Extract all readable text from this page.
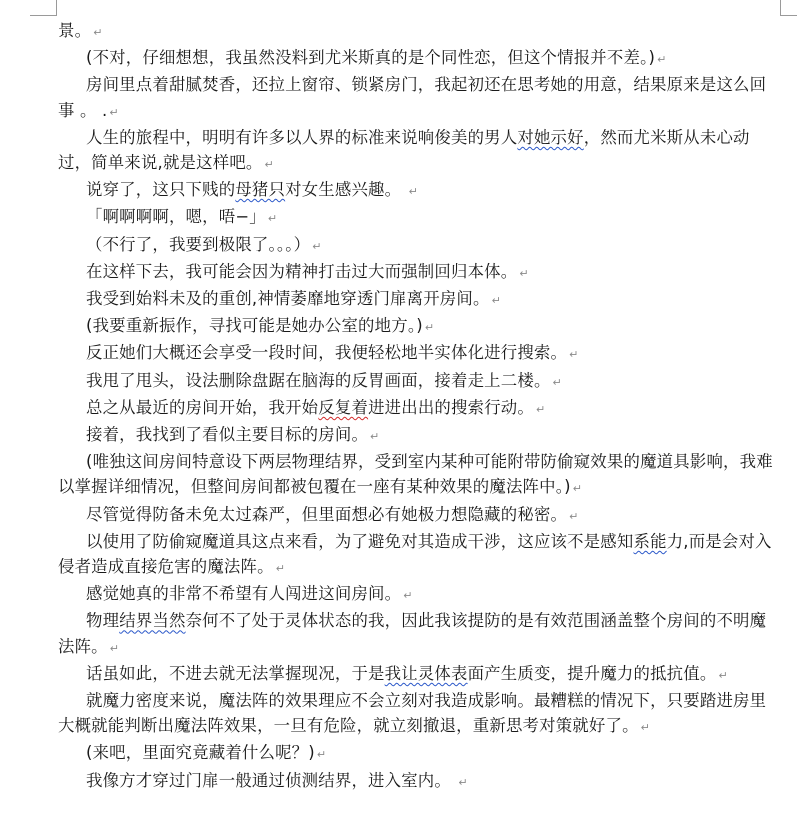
景。 ↵

(不对，仔细想想，我虽然没料到尤米斯真的是个同性恋，但这个情报并不差。) ↵

房间里点着甜腻焚香，还拉上窗帘、锁紧房门，我起初还在思考她的用意，结果原来是这么回事 。 . ↵

人生的旅程中，明明有许多以人界的标准来说响俊美的男人对她示好，然而尤米斯从未心动过，简单来说,就是这样吧。 ↵

说穿了，这只下贱的母猪只对女生感兴趣。 ↵

「啊啊啊啊，嗯，唔−」 ↵

（不行了，我要到极限了。。。） ↵

在这样下去，我可能会因为精神打击过大而强制回归本体。 ↵

我受到始料未及的重创,神情萎靡地穿透门扉离开房间。 ↵

(我要重新振作，寻找可能是她办公室的地方。) ↵

反正她们大概还会享受一段时间，我便轻松地半实体化进行搜索。 ↵

我甩了甩头，设法删除盘踞在脑海的反胃画面，接着走上二楼。 ↵

总之从最近的房间开始，我开始反复着进进出出的搜索行动。 ↵

接着，我找到了看似主要目标的房间。 ↵

(唯独这间房间特意设下两层物理结界，受到室内某种可能附带防偷窥效果的魔道具影响，我难以掌握详细情况，但整间房间都被包覆在一座有某种效果的魔法阵中。) ↵

尽管觉得防备未免太过森严，但里面想必有她极力想隐藏的秘密。 ↵

以使用了防偷窥魔道具这点来看，为了避免对其造成干涉，这应该不是感知系能力,而是会对入侵者造成直接危害的魔法阵。 ↵

感觉她真的非常不希望有人闯进这间房间。 ↵

物理结界当然奈何不了处于灵体状态的我，因此我该提防的是有效范围涵盖整个房间的不明魔法阵。 ↵

话虽如此，不进去就无法掌握现况，于是我让灵体表面产生质变，提升魔力的抵抗值。 ↵

就魔力密度来说，魔法阵的效果理应不会立刻对我造成影响。最糟糕的情况下，只要踏进房里大概就能判断出魔法阵效果，一旦有危险，就立刻撤退，重新思考对策就好了。 ↵

(来吧，里面究竟藏着什么呢？) ↵

我像方才穿过门扉一般通过侦测结界，进入室内。 ↵
